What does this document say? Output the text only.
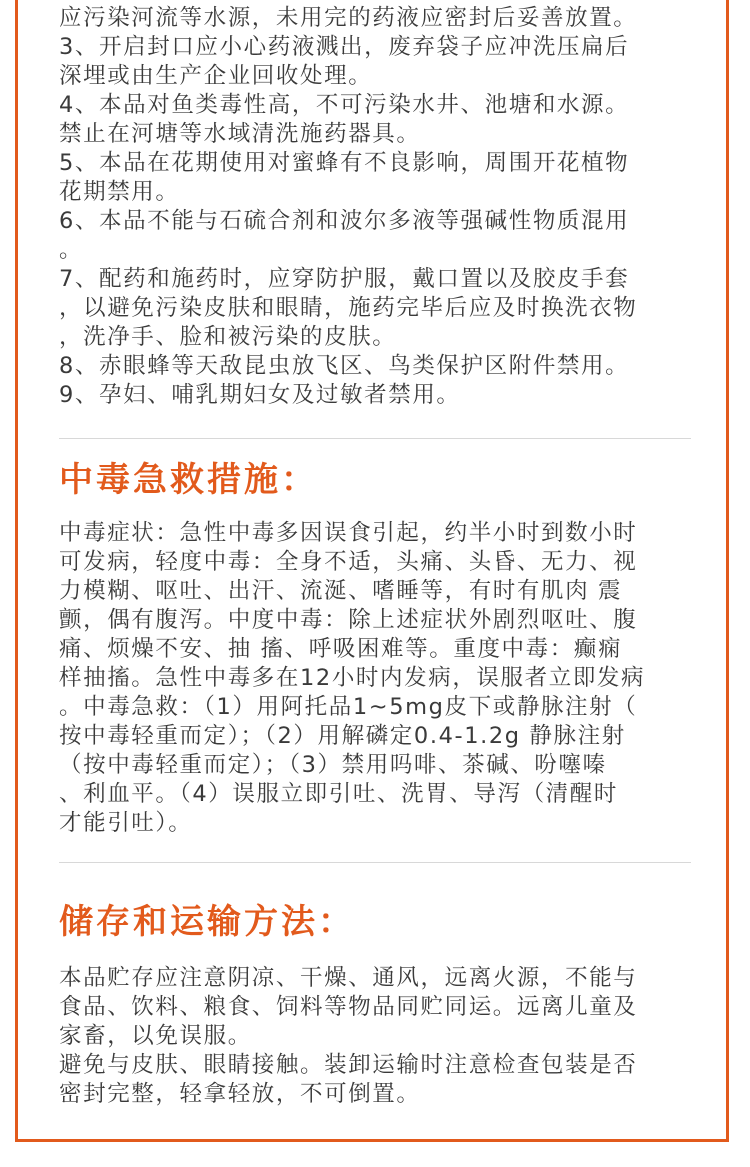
应污染河流等水源，未用完的药液应密封后妥善放置。
3、开启封口应小心药液溅出，废弃袋子应冲洗压扁后
深埋或由生产企业回收处理。
4、本品对鱼类毒性高，不可污染水井、池塘和水源。
禁止在河塘等水域清洗施药器具。
5、本品在花期使用对蜜蜂有不良影响，周围开花植物
花期禁用。
6、本品不能与石硫合剂和波尔多液等强碱性物质混用
。
7、配药和施药时，应穿防护服，戴口置以及胶皮手套
，以避免污染皮肤和眼睛，施药完毕后应及时换洗衣物
，洗净手、脸和被污染的皮肤。
8、赤眼蜂等天敌昆虫放飞区、鸟类保护区附件禁用。
9、孕妇、哺乳期妇女及过敏者禁用。
中毒急救措施：
中毒症状：急性中毒多因误食引起，约半小时到数小时
可发病，轻度中毒：全身不适，头痛、头昏、无力、视
力模糊、呕吐、出汗、流涎、嗜睡等，有时有肌肉 震
颤，偶有腹泻。中度中毒：除上述症状外剧烈呕吐、腹
痛、烦燥不安、抽 搐、呼吸困难等。重度中毒：癫痫
样抽搐。急性中毒多在12小时内发病，误服者立即发病
。中毒急救：（1）用阿托品1~5mg皮下或静脉注射（
按中毒轻重而定）；（2）用解磷定0.4-1.2g 静脉注射
（按中毒轻重而定）；（3）禁用吗啡、茶碱、吩噻嗪
、利血平。（4）误服立即引吐、洗胃、导泻（清醒时
才能引吐）。
储存和运输方法：
本品贮存应注意阴凉、干燥、通风，远离火源，不能与
食品、饮料、粮食、饲料等物品同贮同运。远离儿童及
家畜，以免误服。
避免与皮肤、眼睛接触。装卸运输时注意检查包装是否
密封完整，轻拿轻放，不可倒置。
